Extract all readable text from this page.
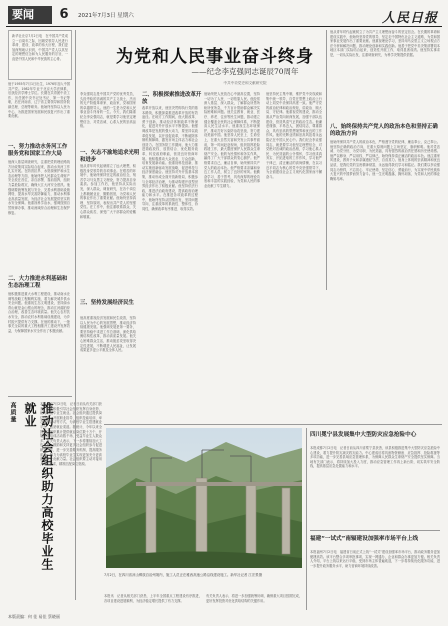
要闻	6	2021年7月3日 星期六	人民日报
新华社北京7月2日电　在中国共产党成立一百周年之际，回顾党领导人民进行革命、建设、改革的伟大历程，我们更加深刻地认识到，中国共产党人以其坚定的理想信念和为人民服务的宗旨，一直是中国人民和中华民族的主心骨。
他于1955年7月1日出生，1976年加入中国共产党。1982年毕业于北京大学法律系，后获经济学博士学位。长期在共青团中央工作，历任团中央书记处书记、第一书记等职，后任河南省、辽宁省主要领导和国务院副总理、总理等职务。他始终坚持以人民为中心，为推进国家发展和民族复兴作出了重要贡献。
一、努力推动水务河工作 服务党和国家工作大局
他深入基层调查研究，注重把党的理论路线方针政策同实际结合起来，推动水务河工作扎实开展。在防汛抗旱、水资源保护和水生态治理等方面，他始终把人民群众生命财产安全放在首位，亲自部署、靠前指挥，组织力量抢险救灾，确保大江大河安全度汛。他强调要统筹发展与安全，完善水利基础设施网络，提高水旱灾害防御能力，推动水利事业高质量发展，为经济社会发展提供坚实的水安全保障。他重视科学治水，强调按照自然规律办事，推动流域综合治理和生态保护修复。
二、大力推进水利基础和生态治理工程
他积极推进重大水利工程建设，推动南水北调等战略工程顺利实施，着力解决城乡供水安全问题。他重视生态文明建设，坚持绿水青山就是金山银山的理念，推动江河湖泊综合治理，改善生态环境质量。他关心农村饮水安全，推动农村水利基础设施建设，为乡村振兴提供有力支撑。在他的推动下，一批事关全局的重大工程相继开工建设并发挥效益，为保障国家水安全作出了积极贡献。
高质量	推动社会组织助力高校毕业生就业 本报北京7月2日电　记者日前从有关部门获悉，各地积极引导社会组织发挥自身优势，助力高校毕业生就业。社会组织通过提供岗位信息、开展职业指导、组织技能培训、举办招聘活动等方式，为高校毕业生搭建就业平台，拓宽就业渠道。据统计，今年以来全国社会组织累计提供就业岗位数十万个，开展各类培训活动数千场，受益毕业生人数众多。有关负责人表示，下一步将继续加大工作力度，鼓励和支持更多社会组织参与促进就业工作，进一步完善服务机制，提高服务质量，努力为高校毕业生实现更加充分更高质量就业贡献力量。社会组织要主动对接用人单位需求，精准匹配岗位资源。
为党和人民事业奋斗终身
——纪念李克强同志诞辰70周年
中共中央党史和文献研究院
李克强同志是中国共产党的优秀党员，久经考验的忠诚的共产主义战士，杰出的无产阶级革命家、政治家，党和国家的卓越领导人。他的一生是为党和人民事业奋斗终身的一生。今天，我们隆重纪念李克强同志，就是要学习他坚定理想信念、对党忠诚、心系人民的崇高品格。
一、矢志不渝地追求光明和进步
他从青年时代起就树立了远大理想，积极投身党领导的各项事业。在艰苦的环境中，他始终保持坚定的政治信念，刻苦学习马克思主义理论，努力提高自身素质。参加工作后，他坚持从实际出发，深入群众，调查研究，在各个岗位上都兢兢业业、勤勤恳恳，为党和人民的事业作出了重要贡献。他始终坚持真理、坚持原则，表现出共产党人的坚强党性。在工作中，他注重联系群众，关心群众疾苦，深受广大干部群众的爱戴和敬重。
三、坚持发展经济民生
他高度重视经济发展和民生改善，坚持以人民为中心的发展思想，推动经济持续健康发展。他强调发展是第一要务，要坚持稳中求进工作总基调，深化供给侧结构性改革，推动高质量发展。他关心困难群众生活，推动脱贫攻坚取得决定性进展，不断增进人民福祉，让发展成果更多更公平惠及全体人民。
二、积极探索推进改革开放
改革开放以来，他坚决贯彻执行党的基本路线，积极探索推进改革开放的有效途径。在地方工作期间，他大胆改革、勇于创新，推动经济体制改革不断深化，促进对外开放水平不断提高。他强调改革是发展的强大动力，要坚持以改革促发展，以开放促改革，不断破除体制机制障碍，激发市场主体活力和社会创造力。在国务院工作期间，他大力推进简政放权、放管结合、优化服务改革，转变政府职能，营造良好营商环境。他积极推动大众创业、万众创新，培育发展新动能。他重视科技创新，推动实施创新驱动发展战略，促进科技与经济深度融合。他坚持对外开放基本国策，推动形成全面开放新格局，积极参与全球经济治理，为推动构建开放型世界经济作出了积极贡献。他坚持依法行政，推进法治政府建设，提高政府治理能力和水平。在推进各项改革的过程中，他始终坚持从国情出发，坚持问题导向，注重改革的系统性、整体性、协同性，确保改革有序推进、取得实效。
他始终把人民放在心中最高位置，坚持一切为了人民、一切依靠人民。他经常深入基层、深入群众，了解群众所思所盼所忧所急，千方百计帮助群众解决实际困难和问题。他关注教育、就业、医疗、养老、住房等民生问题，推动建立健全覆盖全民的社会保障体系，不断提高人民生活水平。他重视生态环境保护，推动打好污染防治攻坚战，努力建设美丽中国。他坚持人民至上、生命至上，在重大自然灾害和突发公共事件面前，第一时间赶赴现场，组织指挥抢险救援工作，最大限度保护人民群众生命财产安全。他的为民情怀和务实作风，赢得了广大干部群众的衷心拥护。他严格要求自己，廉洁自律，始终保持共产党人的政治本色。他严格要求亲属和身边工作人员，树立了良好的家风。他勤奋学习、善于思考，具有深厚的理论功底和丰富的实践经验，为党和人民的事业贡献了毕生精力。
他坚持民主集中制，维护党中央权威和集中统一领导，自觉在思想上政治上行动上同党中央保持高度一致。他严守党的政治纪律和政治规矩，讲政治、顾大局、守纪律。他重视党的建设，推动全面从严治党向纵深发展，加强干部队伍建设，营造风清气正的政治生态。他谦虚谨慎、平易近人，团结同志，尊重群众，具有崇高的思想境界和优良的工作作风。他的光辉业绩和崇高风范将永远铭记在中国人民心中。我们纪念李克强同志，就是要学习他坚定理想信念、对党绝对忠诚的政治品格，学习他心系人民、为民造福的公仆情怀，学习他求真务实、开拓进取的工作作风，学习他严于律己、清正廉洁的高尚情操，在以习近平同志为核心的党中央坚强领导下，为全面建设社会主义现代化国家而不懈奋斗。
他从青年时代起就树立了为共产主义理想而奋斗的坚定信念。在长期的革命和建设实践中，他始终坚持党的领导，坚定走中国特色社会主义道路，为党和国家事业发展作出了重要贡献。他重视理论学习，坚持用马克思主义立场观点方法分析和解决问题，推动理论创新和实践创新。他善于把党中央决策部署同本地区本部门实际结合起来，创造性开展工作，取得显著成绩。他坚持实事求是，一切从实际出发，注重调查研究，为科学决策提供依据。
八、始终保持共产党人的政治本色和坚持正确的政治方向
他始终保持共产党人的政治本色，严格遵守党的纪律，廉洁奉公，克己奉公。他坚持正确的政治方向，在重大原则问题上立场坚定、旗帜鲜明。他对党忠诚、为党分忧、为党尽职、为民造福，具有强烈的政治责任感和历史使命感。他严以修身、严以用权、严以律己，始终保持清正廉洁的政治本色。他注重家风建设，教育子女和亲属遵纪守法、自食其力。他身上体现的崇高精神和优良品质，是我们党的宝贵精神财富，永远值得我们学习和铭记。我们要以李克强同志为榜样，不忘初心、牢记使命，坚定信心、勇毅前行，为实现中华民族伟大复兴的中国梦而努力奋斗。他一生光明磊落，胸怀坦荡，为党和人民的事业鞠躬尽瘁。
7月2日，在四川省凉山彝族自治州境内，施工人员正在雅西高速公路沿线建设施工。新华社记者 江宏景摄
本报讯　记者从相关部门获悉，上半年全国重点工程建设有序推进，各项目建设进展顺利，为经济稳定增长提供了有力支撑。
有关负责人表示，将进一步加强统筹协调，确保重大项目按期完成，更好发挥投资对优化供给结构的关键作用。
四川冕宁县发展集中大型防灾应急抢险中心
本报成都7月2日电　记者日前从四川省冕宁县获悉，该县积极推进集中大型防灾应急抢险中心建设，着力提升防灾减灾救灾能力。中心建成后将具备物资储备、应急指挥、抢险救援等多项功能，进一步完善县域应急管理体系，为保障人民群众生命财产安全提供坚实保障。当地有关部门表示，将持续加大投入力度，推动应急管理工作再上新台阶，切实筑牢安全防线，提高基层应急处置能力和水平。
福建“一试式”南辐建设加强率市场平台上线
本报福州7月2日电　福建省日前正式上线“一试式”建设加强率市场平台，推动政务服务更加便捷高效。该平台整合多项审批事项，实现一网通办，企业和群众办事更加方便。相关负责人介绍，平台上线以来运行平稳，受到市场主体普遍欢迎，下一步将持续优化服务功能，进一步提升政务服务水平，助力营商环境持续改善。
本版责编：何 佳 易佳 蔡晓丽
